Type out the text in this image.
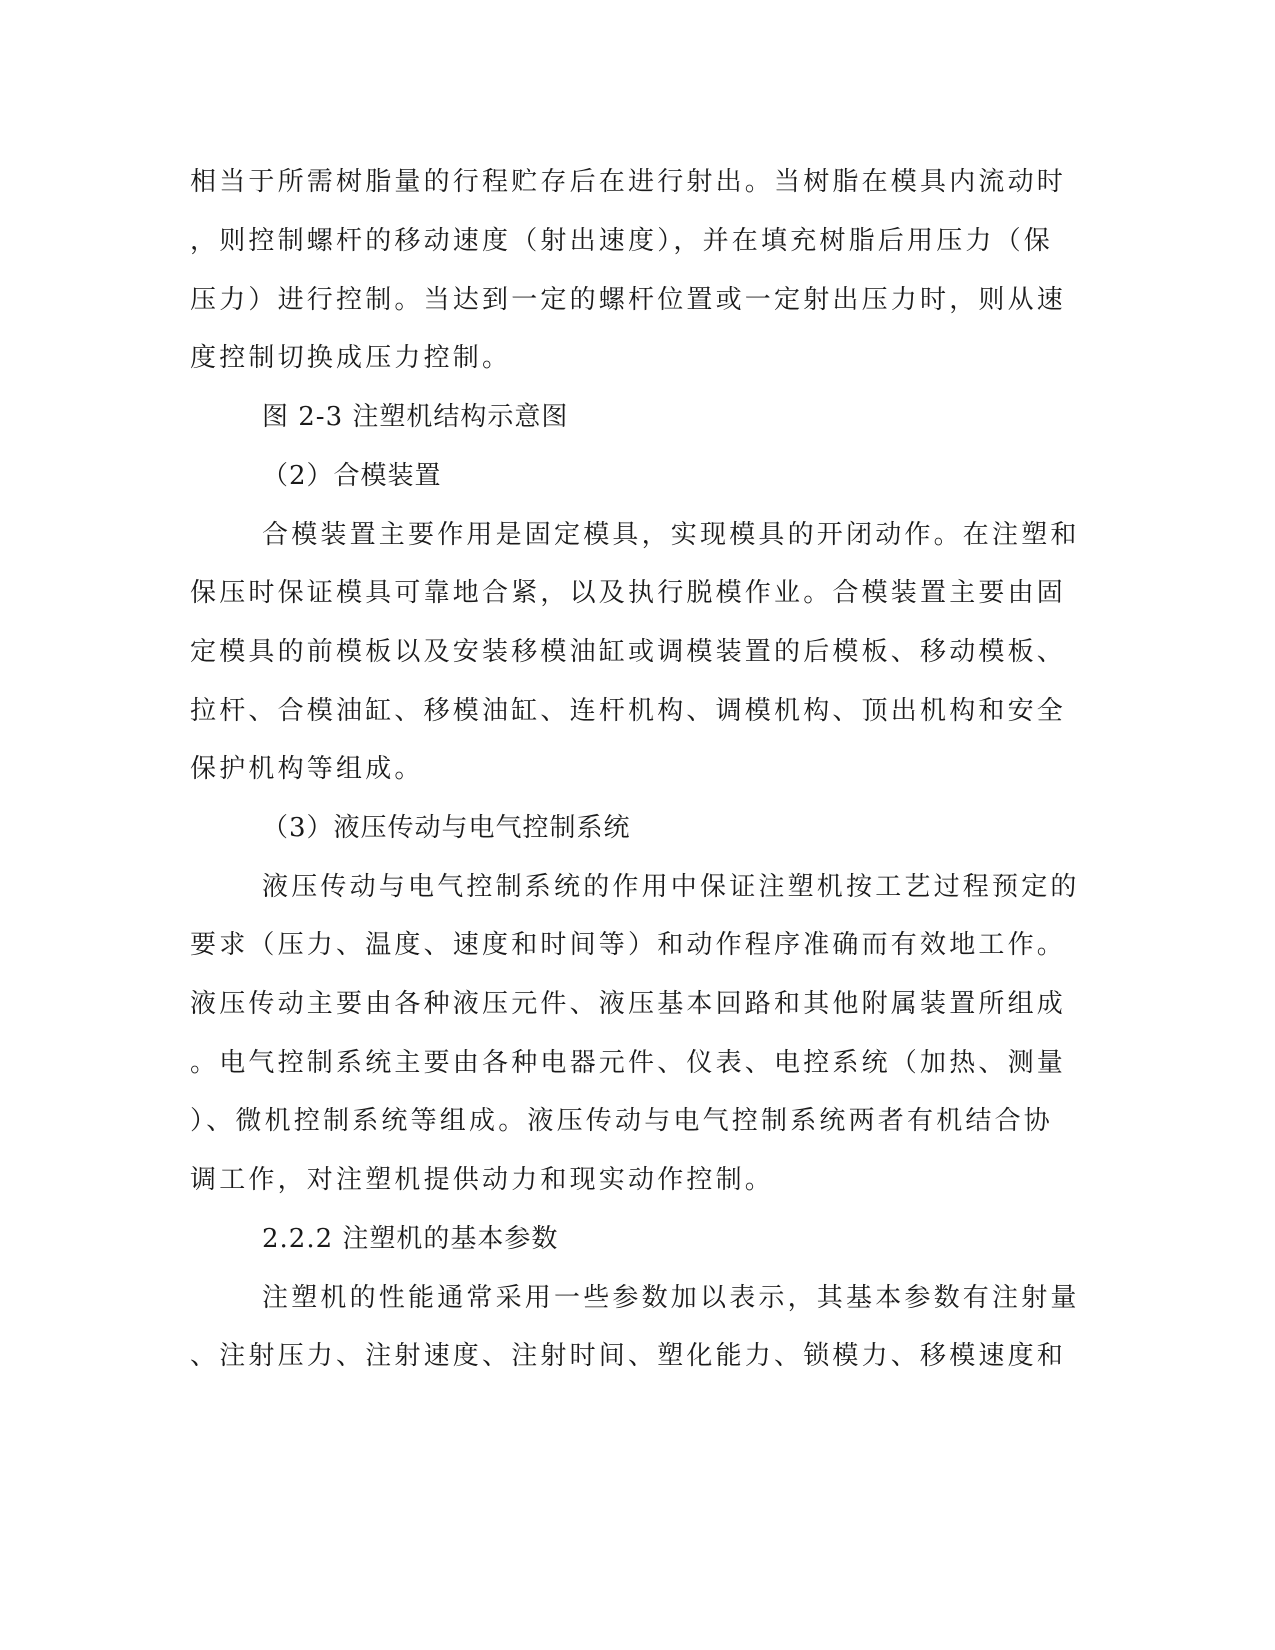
相当于所需树脂量的行程贮存后在进行射出。当树脂在模具内流动时
，则控制螺杆的移动速度（射出速度），并在填充树脂后用压力（保
压力）进行控制。当达到一定的螺杆位置或一定射出压力时，则从速
度控制切换成压力控制。
图 2-3 注塑机结构示意图
（2）合模装置
合模装置主要作用是固定模具，实现模具的开闭动作。在注塑和
保压时保证模具可靠地合紧，以及执行脱模作业。合模装置主要由固
定模具的前模板以及安装移模油缸或调模装置的后模板、移动模板、
拉杆、合模油缸、移模油缸、连杆机构、调模机构、顶出机构和安全
保护机构等组成。
（3）液压传动与电气控制系统
液压传动与电气控制系统的作用中保证注塑机按工艺过程预定的
要求（压力、温度、速度和时间等）和动作程序准确而有效地工作。
液压传动主要由各种液压元件、液压基本回路和其他附属装置所组成
。电气控制系统主要由各种电器元件、仪表、电控系统（加热、测量
）、微机控制系统等组成。液压传动与电气控制系统两者有机结合协
调工作，对注塑机提供动力和现实动作控制。
2.2.2 注塑机的基本参数
注塑机的性能通常采用一些参数加以表示，其基本参数有注射量
、注射压力、注射速度、注射时间、塑化能力、锁模力、移模速度和
